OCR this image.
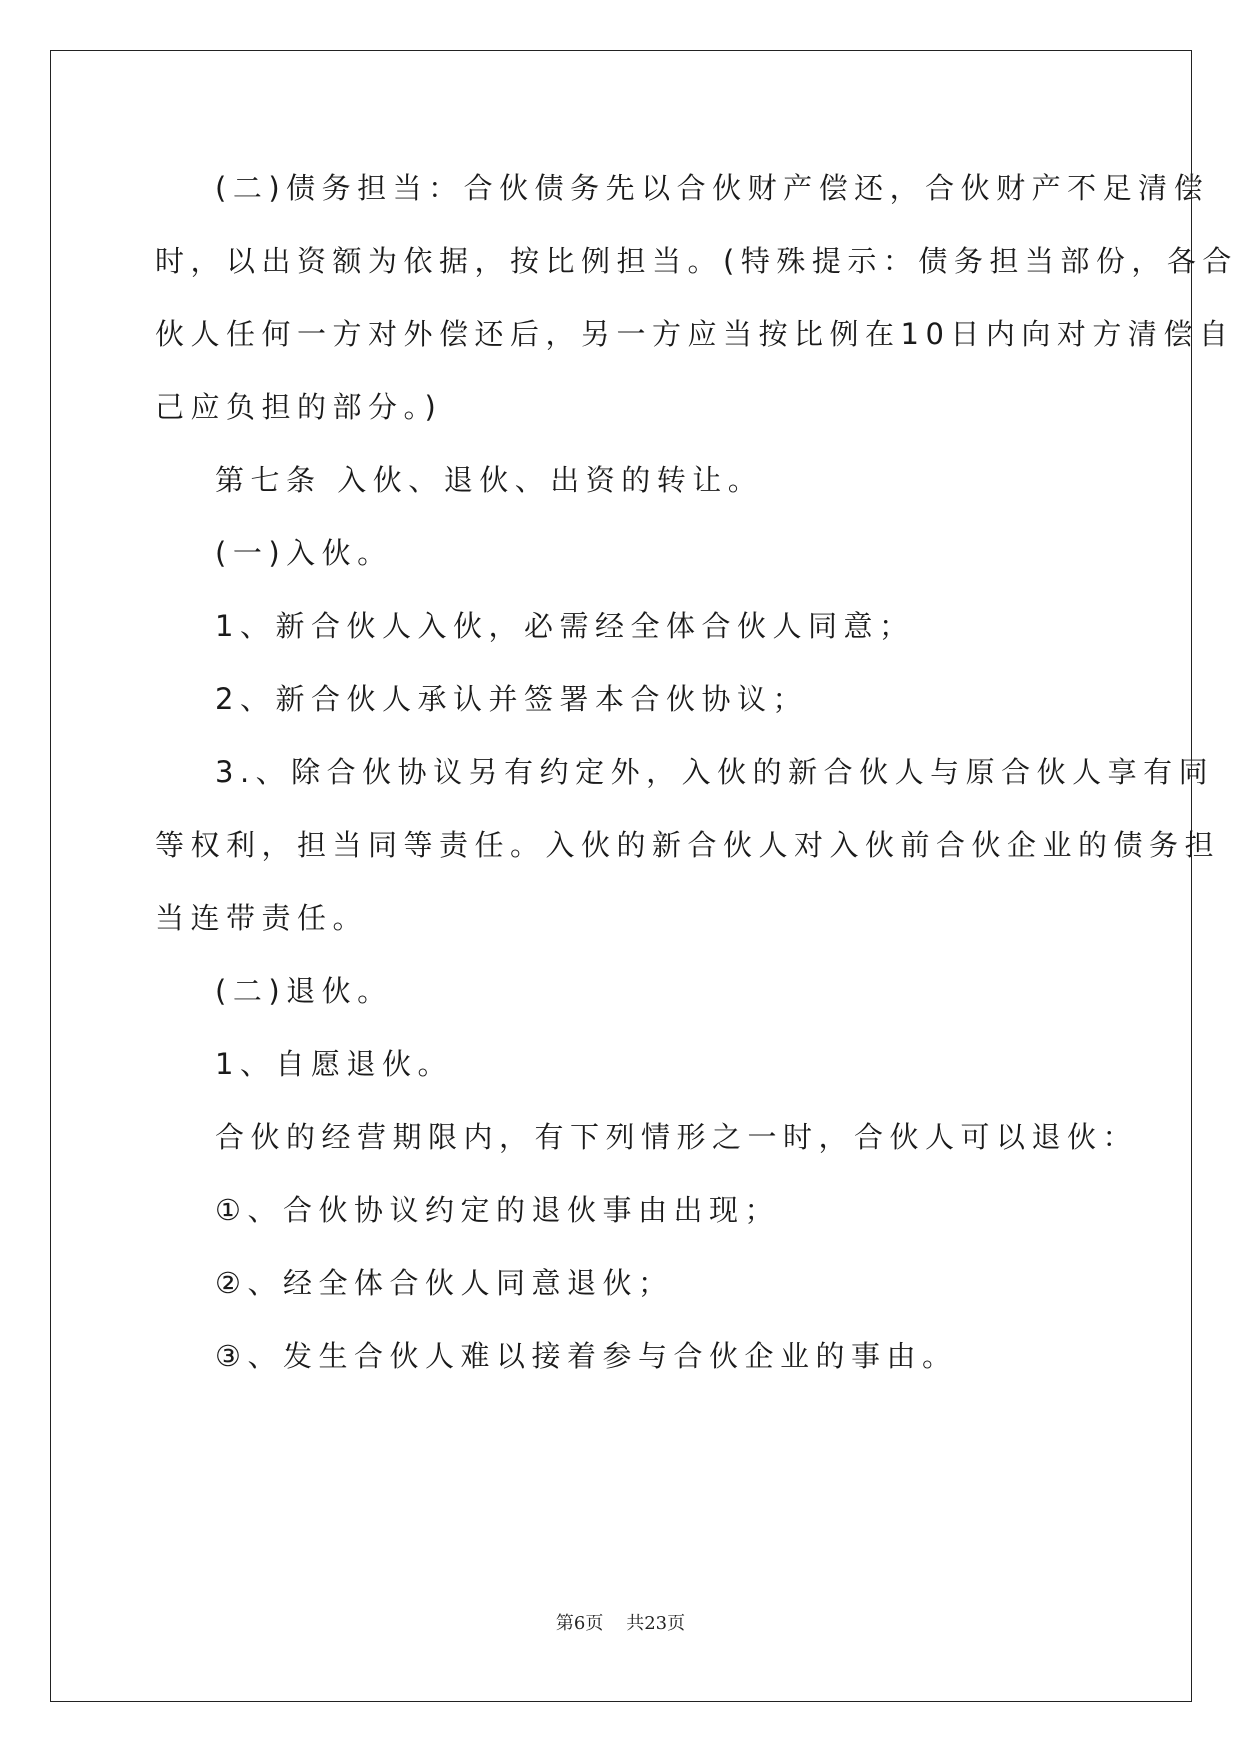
(二)债务担当：合伙债务先以合伙财产偿还，合伙财产不足清偿
时，以出资额为依据，按比例担当。(特殊提示：债务担当部份，各合
伙人任何一方对外偿还后，另一方应当按比例在10日内向对方清偿自
己应负担的部分。)
第七条 入伙、退伙、出资的转让。
(一)入伙。
1、新合伙人入伙，必需经全体合伙人同意；
2、新合伙人承认并签署本合伙协议；
3.、除合伙协议另有约定外，入伙的新合伙人与原合伙人享有同
等权利，担当同等责任。入伙的新合伙人对入伙前合伙企业的债务担
当连带责任。
(二)退伙。
1、自愿退伙。
合伙的经营期限内，有下列情形之一时，合伙人可以退伙：
①、合伙协议约定的退伙事由出现；
②、经全体合伙人同意退伙；
③、发生合伙人难以接着参与合伙企业的事由。
第6页    共23页
